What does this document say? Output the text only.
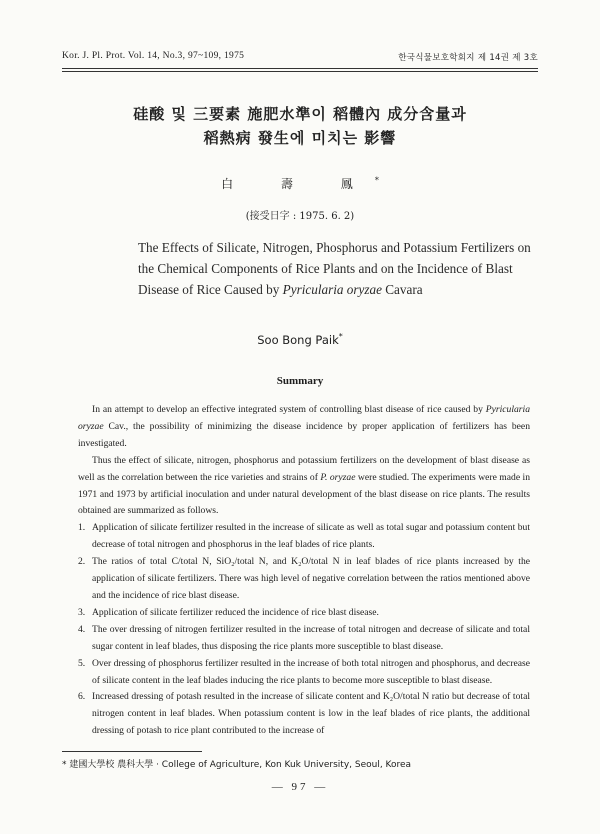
Kor. J. Pl. Prot. Vol. 14, No.3, 97~109, 1975	한국식물보호학회지 제 14권 제 3호
硅酸 및 三要素 施肥水準이 稻體內 成分含量과
稻熱病 發生에 미치는 影響
白 壽 鳳*
(接受日字 : 1975. 6. 2)
The Effects of Silicate, Nitrogen, Phosphorus and Potassium Fertilizers on the Chemical Components of Rice Plants and on the Incidence of Blast Disease of Rice Caused by Pyricularia oryzae Cavara
Soo Bong Paik*
Summary

In an attempt to develop an effective integrated system of controlling blast disease of rice caused by Pyricularia oryzae Cav., the possibility of minimizing the disease incidence by proper application of fertilizers has been investigated.

Thus the effect of silicate, nitrogen, phosphorus and potassium fertilizers on the development of blast disease as well as the correlation between the rice varieties and strains of P. oryzae were studied. The experiments were made in 1971 and 1973 by artificial inoculation and under natural development of the blast disease on rice plants. The results obtained are summarized as follows.

1. Application of silicate fertilizer resulted in the increase of silicate as well as total sugar and potassium content but decrease of total nitrogen and phosphorus in the leaf blades of rice plants.
2. The ratios of total C/total N, SiO₂/total N, and K₂O/total N in leaf blades of rice plants increased by the application of silicate fertilizers. There was high level of negative correlation between the ratios mentioned above and the incidence of rice blast disease.
3. Application of silicate fertilizer reduced the incidence of rice blast disease.
4. The over dressing of nitrogen fertilizer resulted in the increase of total nitrogen and decrease of silicate and total sugar content in leaf blades, thus disposing the rice plants more susceptible to blast disease.
5. Over dressing of phosphorus fertilizer resulted in the increase of both total nitrogen and phosphorus, and decrease of silicate content in the leaf blades inducing the rice plants to become more susceptible to blast disease.
6. Increased dressing of potash resulted in the increase of silicate content and K₂O/total N ratio but decrease of total nitrogen content in leaf blades. When potassium content is low in the leaf blades of rice plants, the additional dressing of potash to rice plant contributed to the increase of
* 建國大學校 農科大學 · College of Agriculture, Kon Kuk University, Seoul, Korea
— 97 —
